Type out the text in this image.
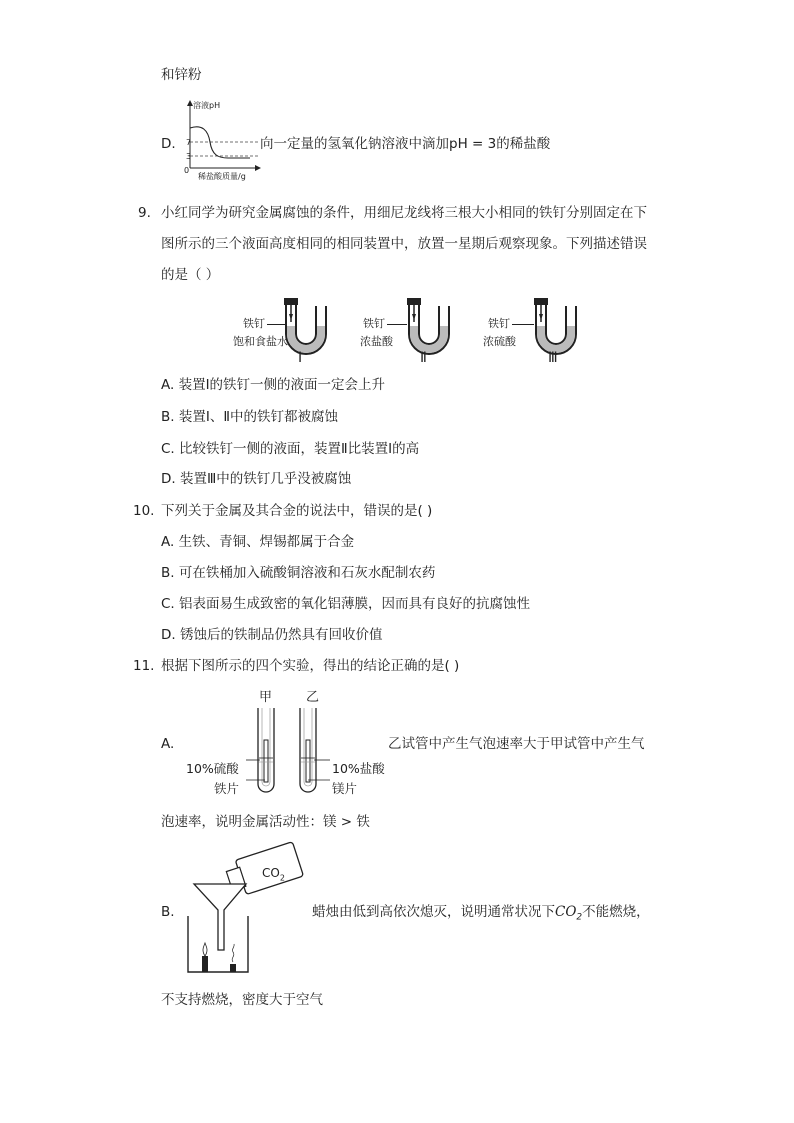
和锌粉
D.
溶液pH
7
3
0
稀盐酸质量/g
向一定量的氢氧化钠溶液中滴加pH = 3的稀盐酸
9. 小红同学为研究金属腐蚀的条件，用细尼龙线将三根大小相同的铁钉分别固定在下
图所示的三个液面高度相同的相同装置中，放置一星期后观察现象。下列描述错误
的是（ ）
铁钉
饱和食盐水
Ⅰ
铁钉
浓盐酸
Ⅱ
铁钉
浓硫酸
Ⅲ
A. 装置Ⅰ的铁钉一侧的液面一定会上升
B. 装置Ⅰ、Ⅱ中的铁钉都被腐蚀
C. 比较铁钉一侧的液面，装置Ⅱ比装置Ⅰ的高
D. 装置Ⅲ中的铁钉几乎没被腐蚀
10. 下列关于金属及其合金的说法中，错误的是( )
A. 生铁、青铜、焊锡都属于合金
B. 可在铁桶加入硫酸铜溶液和石灰水配制农药
C. 铝表面易生成致密的氧化铝薄膜，因而具有良好的抗腐蚀性
D. 锈蚀后的铁制品仍然具有回收价值
11. 根据下图所示的四个实验，得出的结论正确的是( )
甲	乙
10%硫酸
铁片
10%盐酸
镁片
A.	乙试管中产生气泡速率大于甲试管中产生气
泡速率，说明金属活动性：镁 > 铁
$CO_2$
B.	蜡烛由低到高依次熄灭，说明通常状况下$CO_2$不能燃烧，
不支持燃烧，密度大于空气
